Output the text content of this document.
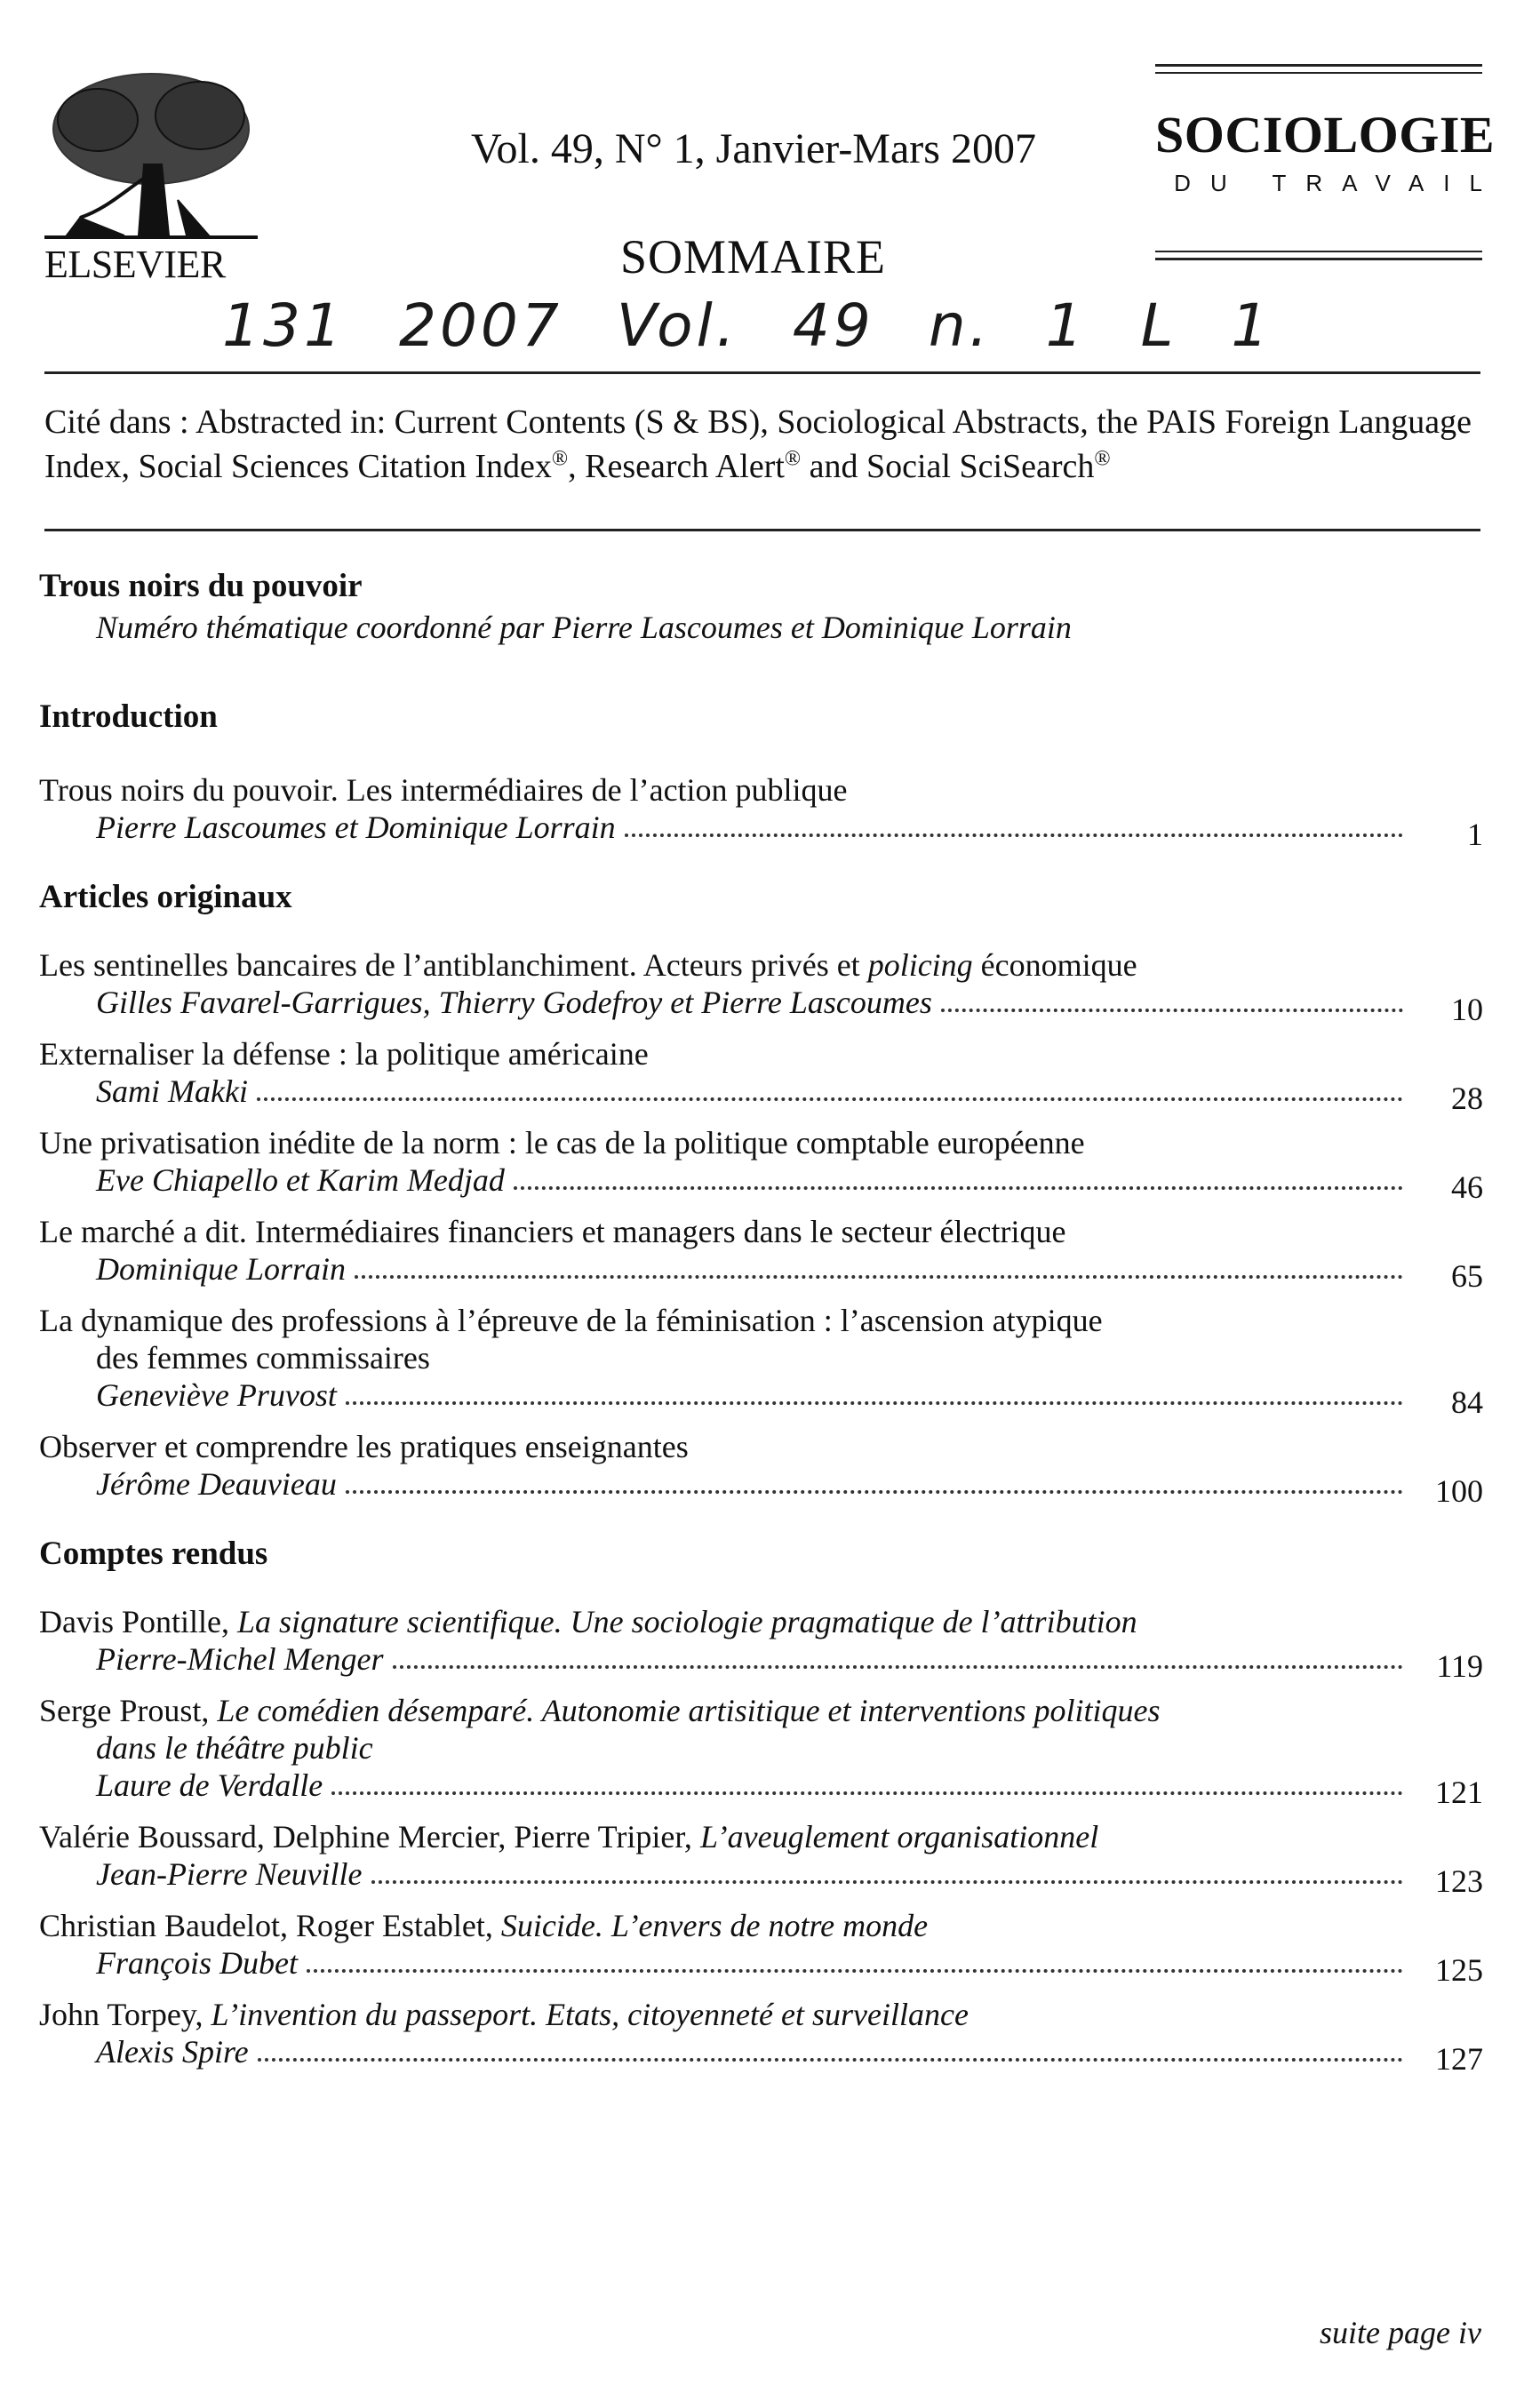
ELSEVIER
Vol. 49, N° 1, Janvier-Mars 2007
SOMMAIRE
SOCIOLOGIE
DU TRAVAIL
131 2007 Vol. 49 n. 1 L 1
Cité dans : Abstracted in: Current Contents (S & BS), Sociological Abstracts, the PAIS Foreign Language Index, Social Sciences Citation Index®, Research Alert® and Social SciSearch®
Trous noirs du pouvoir
Numéro thématique coordonné par Pierre Lascoumes et Dominique Lorrain
Introduction
Trous noirs du pouvoir. Les intermédiaires de l’action publique
Pierre Lascoumes et Dominique Lorrain	1
Articles originaux
Les sentinelles bancaires de l’antiblanchiment. Acteurs privés et policing économique
Gilles Favarel-Garrigues, Thierry Godefroy et Pierre Lascoumes	10
Externaliser la défense : la politique américaine
Sami Makki	28
Une privatisation inédite de la norm : le cas de la politique comptable européenne
Eve Chiapello et Karim Medjad	46
Le marché a dit. Intermédiaires financiers et managers dans le secteur électrique
Dominique Lorrain	65
La dynamique des professions à l’épreuve de la féminisation : l’ascension atypique
des femmes commissaires
Geneviève Pruvost	84
Observer et comprendre les pratiques enseignantes
Jérôme Deauvieau	100
Comptes rendus
Davis Pontille, La signature scientifique. Une sociologie pragmatique de l’attribution
Pierre-Michel Menger	119
Serge Proust, Le comédien désemparé. Autonomie artisitique et interventions politiques
dans le théâtre public
Laure de Verdalle	121
Valérie Boussard, Delphine Mercier, Pierre Tripier, L’aveuglement organisationnel
Jean-Pierre Neuville	123
Christian Baudelot, Roger Establet, Suicide. L’envers de notre monde
François Dubet	125
John Torpey, L’invention du passeport. Etats, citoyenneté et surveillance
Alexis Spire	127
suite page iv
